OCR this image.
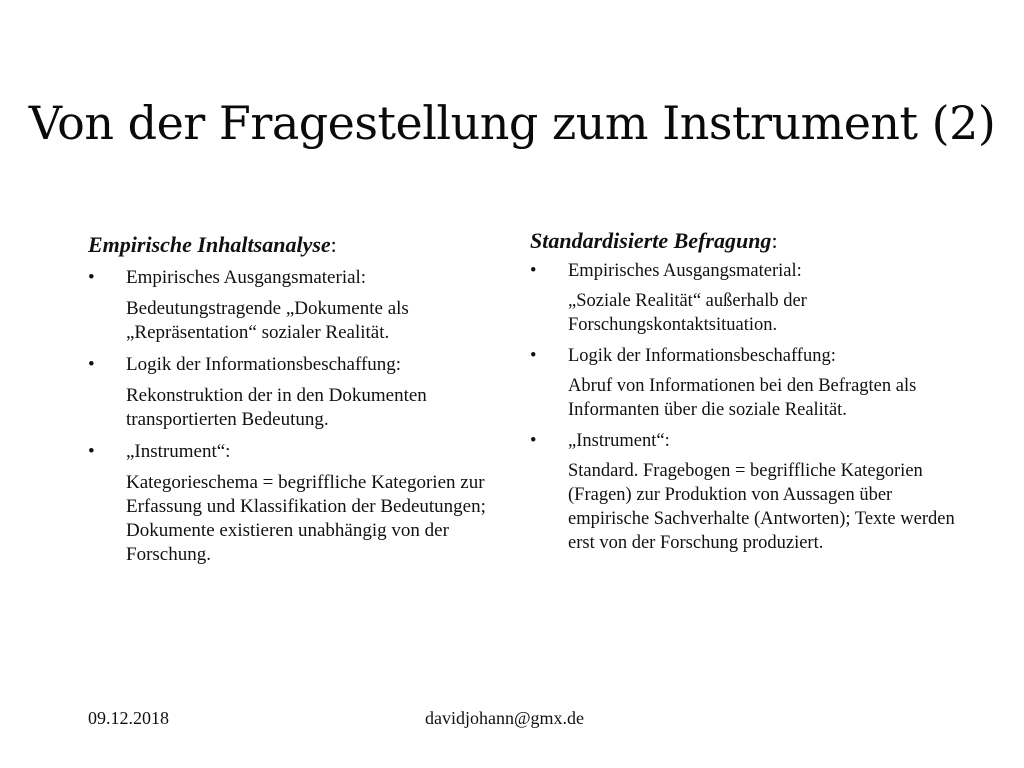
Von der Fragestellung zum Instrument (2)
Empirische Inhaltsanalyse:
•	Empirisches Ausgangsmaterial:
Bedeutungstragende „Dokumente als „Repräsentation“ sozialer Realität.
•	Logik der Informationsbeschaffung:
Rekonstruktion der in den Dokumenten transportierten Bedeutung.
•	„Instrument“:
Kategorieschema = begriffliche Kategorien zur Erfassung und Klassifikation der Bedeutungen; Dokumente existieren unabhängig von der Forschung.
Standardisierte Befragung:
•	Empirisches Ausgangsmaterial:
„Soziale Realität“ außerhalb der Forschungskontaktsituation.
•	Logik der Informationsbeschaffung:
Abruf von Informationen bei den Befragten als Informanten über die soziale Realität.
•	„Instrument“:
Standard. Fragebogen = begriffliche Kategorien (Fragen) zur Produktion von Aussagen über empirische Sachverhalte (Antworten); Texte werden erst von der Forschung produziert.
09.12.2018	davidjohann@gmx.de
